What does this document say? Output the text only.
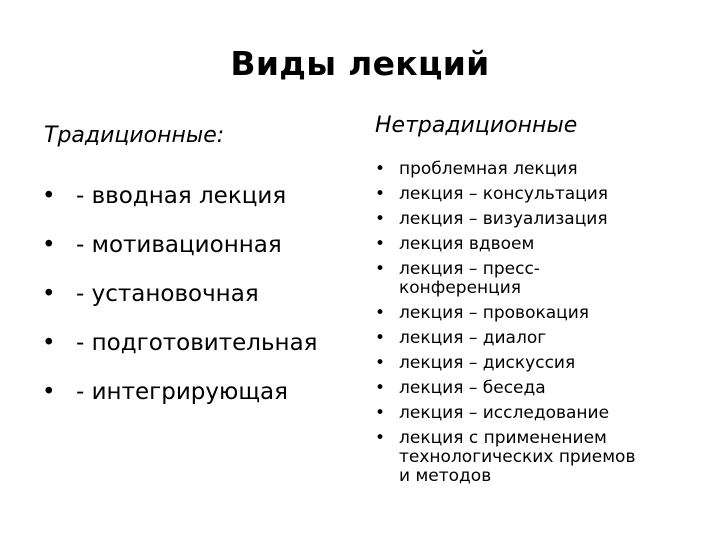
Виды лекций
Традиционные:
• - вводная лекция
• - мотивационная
• - установочная
• - подготовительная
• - интегрирующая
Нетрадиционные
• проблемная лекция
• лекция – консультация
• лекция – визуализация
• лекция вдвоем
• лекция – пресс-
конференция
• лекция – провокация
• лекция – диалог
• лекция – дискуссия
• лекция – беседа
• лекция – исследование
• лекция с применением
технологических приемов
и методов
